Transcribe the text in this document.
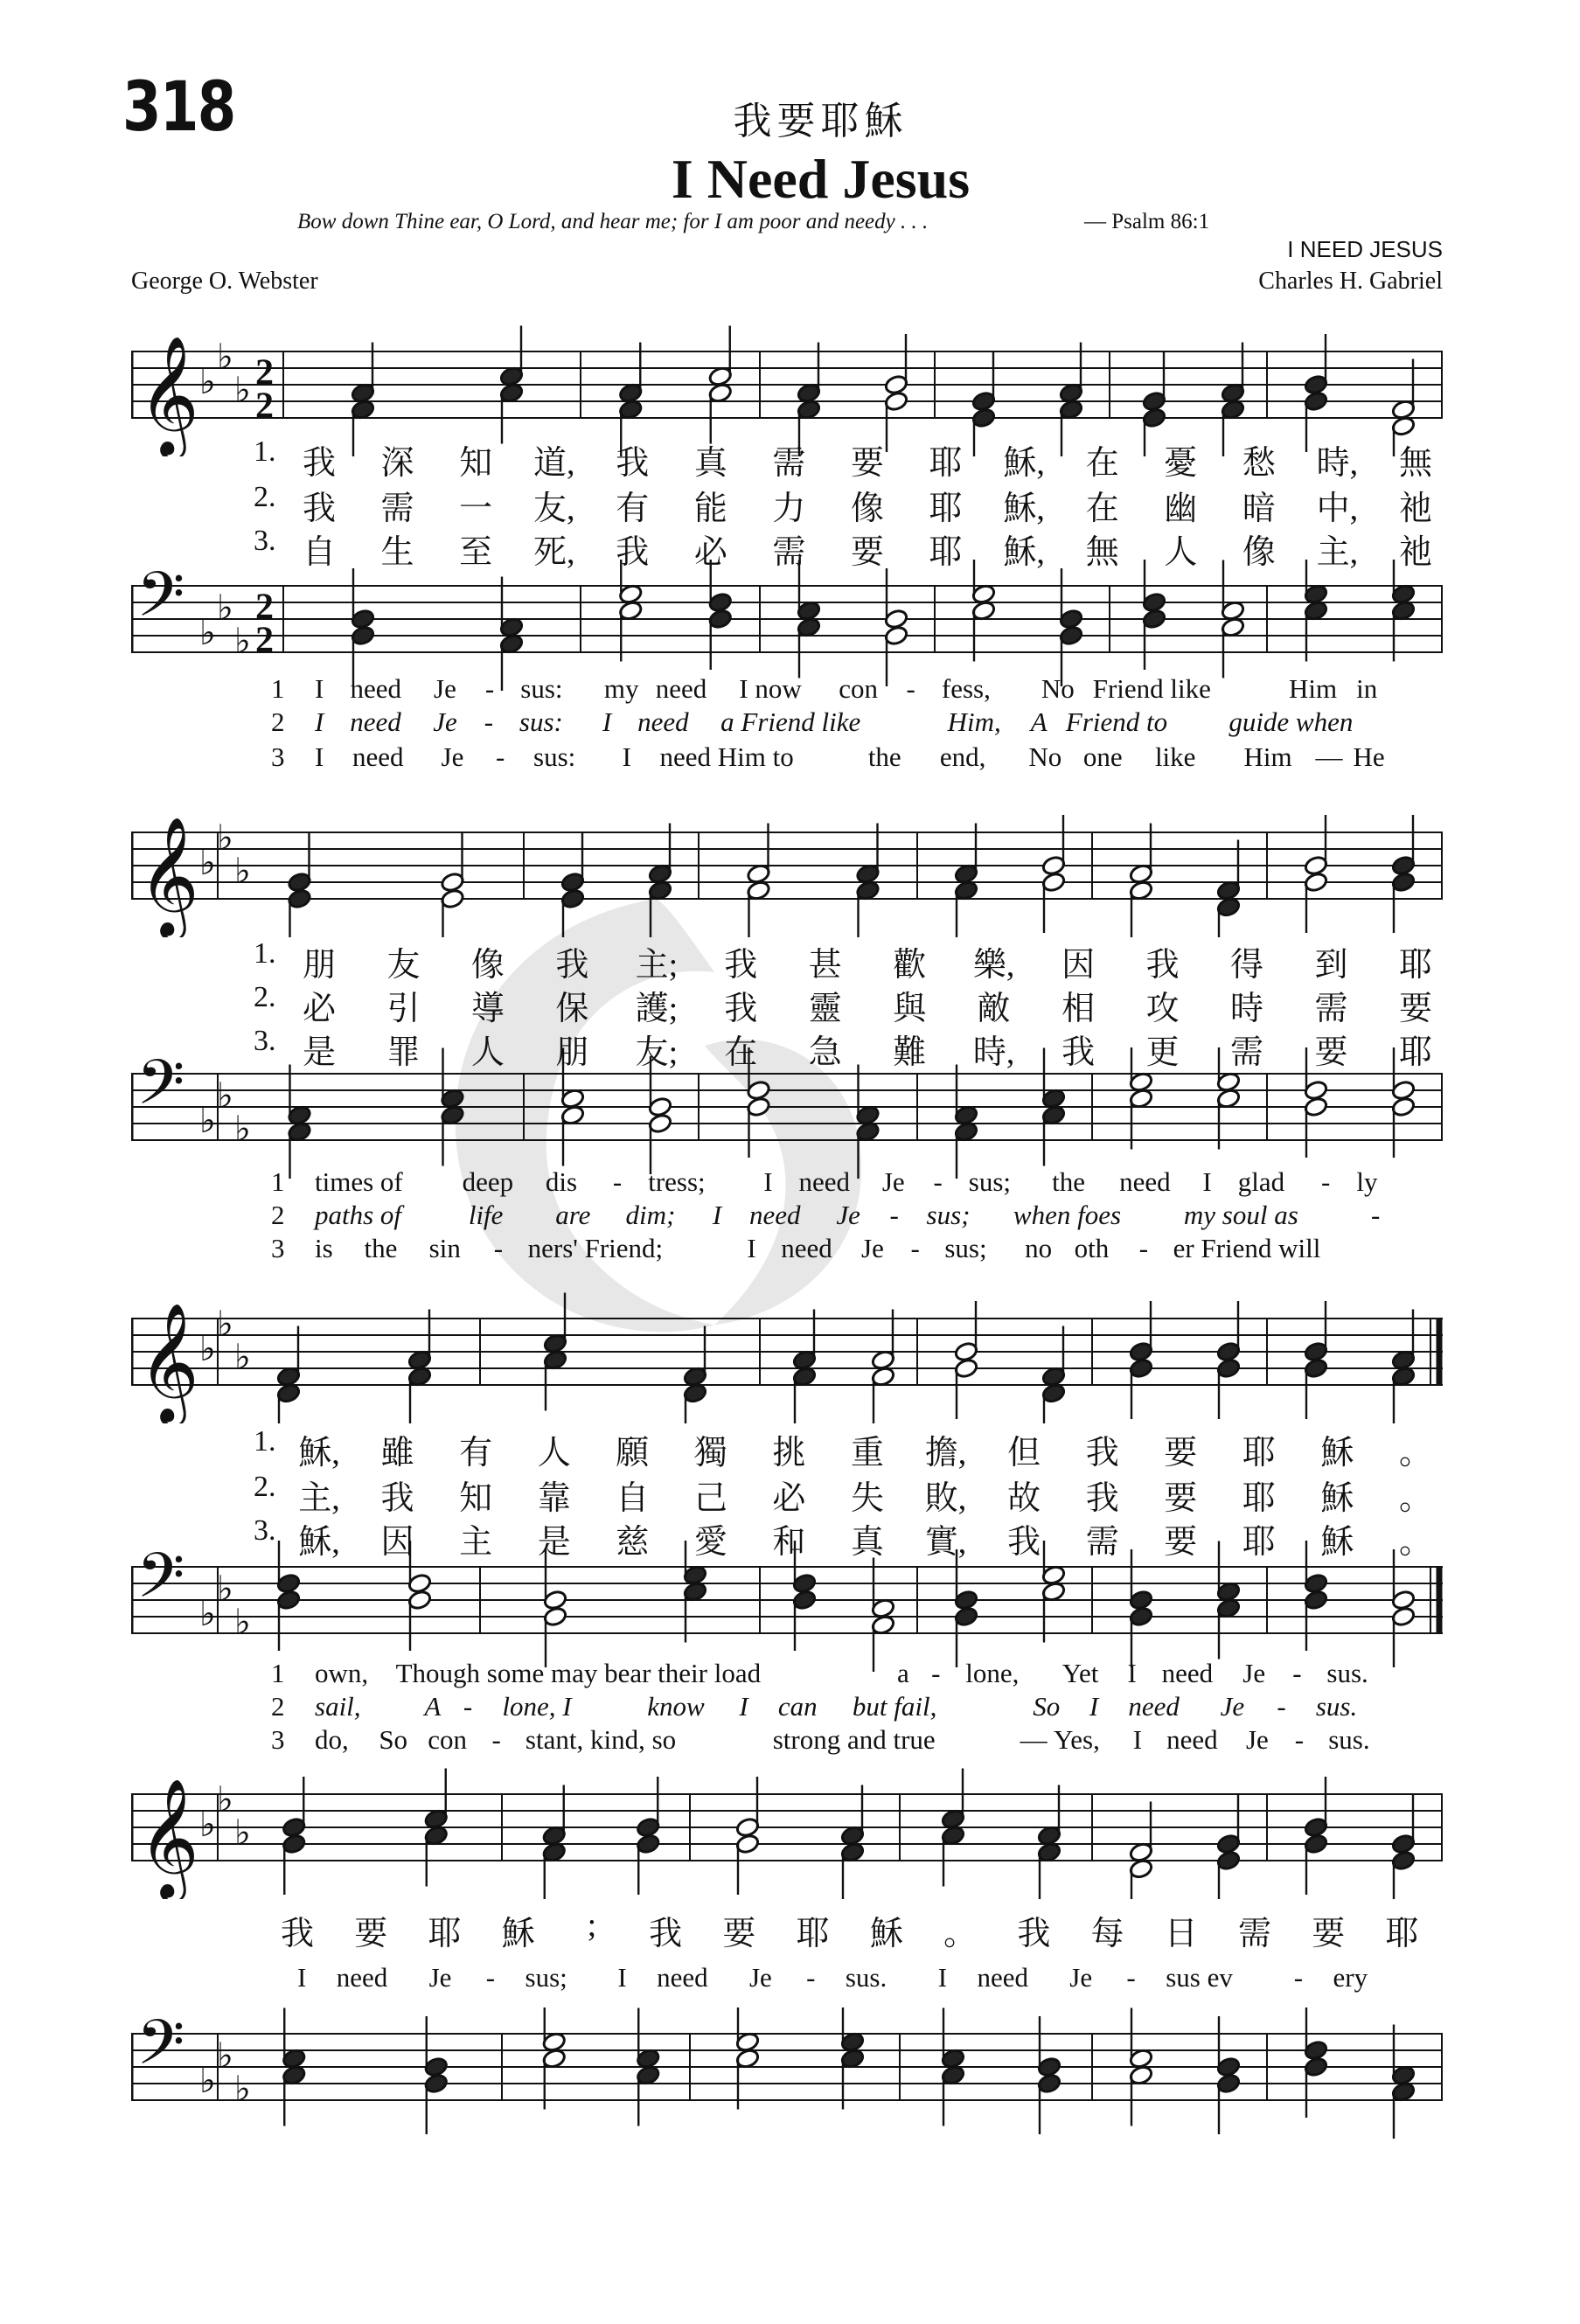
318	我要耶穌
I Need Jesus
Bow down Thine ear, O Lord, and hear me; for I am poor and needy . . .	— Psalm 86:1
I NEED JESUS
George O. Webster	Charles H. Gabriel
𝄞 ♭
♭
♭ 2
2
1. 我 深 知 道, 我 真 需 要 耶 穌, 在 憂 愁 時, 無
2. 我 需 一 友, 有 能 力 像 耶 穌, 在 幽 暗 中, 祂
3. 自 生 至 死, 我 必 需 要 耶 穌, 無 人 像 主, 祂
𝄢 ♭
♭
♭
2
2
1 I need Je - sus: my need I now con - fess, No Friend like	Him in
2 I need Je - sus: I need a Friend like	Him, A Friend to guide when
3 I need Je - sus: I need Him to	the end, No one like Him — He
𝄞 ♭
♭
♭
1. 朋 友 像 我 主; 我 甚 歡 樂, 因 我 得 到 耶
2. 必 引 導 保 護; 我 靈 與 敵 相 攻 時 需 要
3. 是 罪 人 朋 友; 在 急 難 時, 我 更 需 要 耶
𝄢 ♭
♭
♭
1 times of deep dis - tress; I need Je - sus; the need I glad - ly
2 paths of life are dim; I need Je - sus; when foes my soul as	-
3 is the sin - ners' Friend;	I need Je - sus; no oth - er Friend will
𝄞 ♭
♭
♭
1. 穌, 雖 有 人 願 獨 挑 重 擔, 但 我 要 耶 穌 。
2. 主, 我 知 靠 自 己 必 失 敗, 故 我 要 耶 穌 。
3. 穌, 因 主 是 慈 愛 和 真 實, 我 需 要 耶 穌 。
𝄢 ♭
♭
♭
1 own, Though some may bear their load	a - lone, Yet I need Je - sus.
2 sail, A - lone, I	know I can but fail,	So I need Je - sus.
3 do, So con - stant, kind, so	strong and true	— Yes, I need Je - sus.
𝄞 ♭
♭
♭
我 要 耶 穌 ; 我 要 耶 穌 。 我 每 日 需 要 耶
I need Je - sus; I need Je - sus. I need Je - sus ev - ery
𝄢 ♭
♭
♭
